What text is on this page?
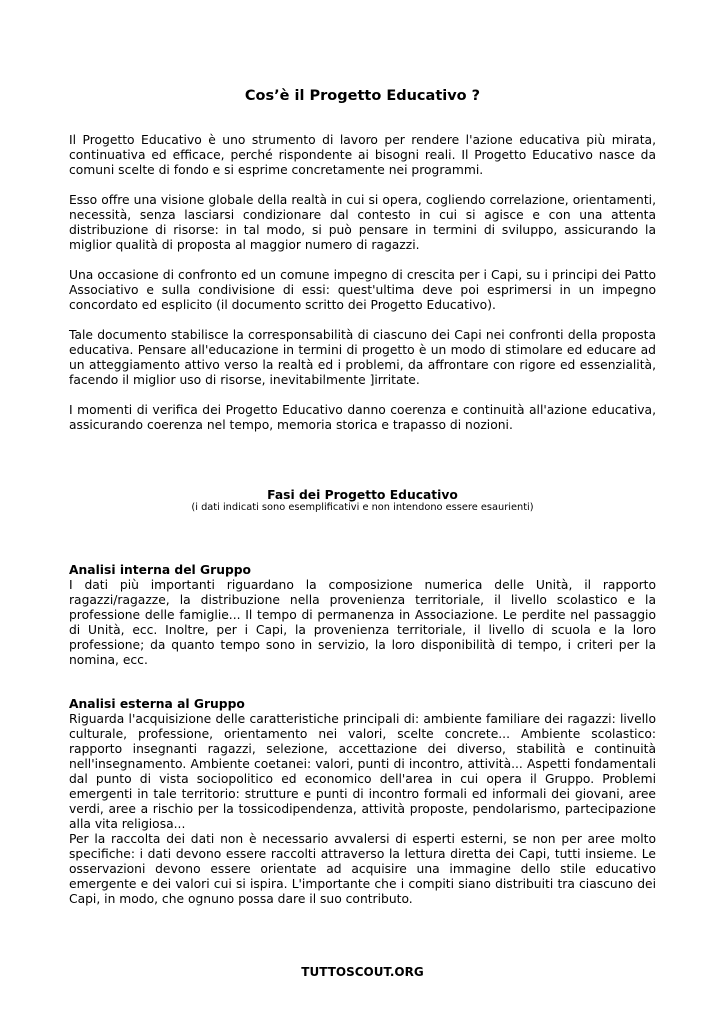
Cos’è il Progetto Educativo ?

Il Progetto Educativo è uno strumento di lavoro per rendere l'azione educativa più mirata, continuativa ed efficace, perché rispondente ai bisogni reali. Il Progetto Educativo nasce da comuni scelte di fondo e si esprime concretamente nei programmi.

Esso offre una visione globale della realtà in cui si opera, cogliendo correlazione, orientamenti, necessità, senza lasciarsi condizionare dal contesto in cui si agisce e con una attenta distribuzione di risorse: in tal modo, si può pensare in termini di sviluppo, assicurando la miglior qualità di proposta al maggior numero di ragazzi.

Una occasione di confronto ed un comune impegno di crescita per i Capi, su i principi dei Patto Associativo e sulla condivisione di essi: quest'ultima deve poi esprimersi in un impegno concordato ed esplicito (il documento scritto dei Progetto Educativo).

Tale documento stabilisce la corresponsabilità di ciascuno dei Capi nei confronti della proposta educativa. Pensare all'educazione in termini di progetto è un modo di stimolare ed educare ad un atteggiamento attivo verso la realtà ed i problemi, da affrontare con rigore ed essenzialità, facendo il miglior uso di risorse, inevitabilmente ]irritate.

I momenti di verifica dei Progetto Educativo danno coerenza e continuità all'azione educativa, assicurando coerenza nel tempo, memoria storica e trapasso di nozioni.

Fasi dei Progetto Educativo
(i dati indicati sono esemplificativi e non intendono essere esaurienti)
Analisi interna del Gruppo

I dati più importanti riguardano la composizione numerica delle Unità, il rapporto ragazzi/ragazze, la distribuzione nella provenienza territoriale, il livello scolastico e la professione delle famiglie... Il tempo di permanenza in Associazione. Le perdite nel passaggio di Unità, ecc. Inoltre, per i Capi, la provenienza territoriale, il livello di scuola e la loro professione; da quanto tempo sono in servizio, la loro disponibilità di tempo, i criteri per la nomina, ecc.

Analisi esterna al Gruppo

Riguarda l'acquisizione delle caratteristiche principali di: ambiente familiare dei ragazzi: livello culturale, professione, orientamento nei valori, scelte concrete... Ambiente scolastico: rapporto insegnanti ragazzi, selezione, accettazione dei diverso, stabilità e continuità nell'insegnamento. Ambiente coetanei: valori, punti di incontro, attività... Aspetti fondamentali dal punto di vista sociopolitico ed economico dell'area in cui opera il Gruppo. Problemi emergenti in tale territorio: strutture e punti di incontro formali ed informali dei giovani, aree verdi, aree a rischio per la tossicodipendenza, attività proposte, pendolarismo, partecipazione alla vita religiosa...

Per la raccolta dei dati non è necessario avvalersi di esperti esterni, se non per aree molto specifiche: i dati devono essere raccolti attraverso la lettura diretta dei Capi, tutti insieme. Le osservazioni devono essere orientate ad acquisire una immagine dello stile educativo emergente e dei valori cui si ispira. L'importante che i compiti siano distribuiti tra ciascuno dei Capi, in modo, che ognuno possa dare il suo contributo.

TUTTOSCOUT.ORG
